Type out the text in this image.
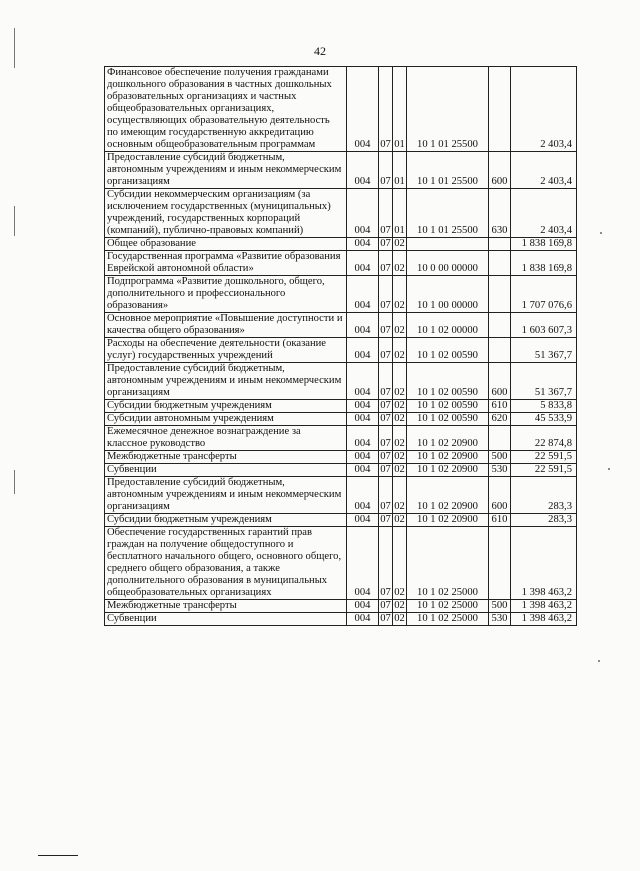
42
Финансовое обеспечение получения гражданами дошкольного образования в частных дошкольных образовательных организациях и частных общеобразовательных организациях, осуществляющих образовательную деятельность по имеющим государственную аккредитацию основным общеобразовательным программам	004	07	01	10 1 01 25500		2 403,4
Предоставление субсидий бюджетным, автономным учреждениям и иным некоммерческим организациям	004	07	01	10 1 01 25500	600	2 403,4
Субсидии некоммерческим организациям (за исключением государственных (муниципальных) учреждений, государственных корпораций (компаний), публично-правовых компаний)	004	07	01	10 1 01 25500	630	2 403,4
Общее образование	004	07	02			1 838 169,8
Государственная программа «Развитие образования Еврейской автономной области»	004	07	02	10 0 00 00000		1 838 169,8
Подпрограмма «Развитие дошкольного, общего, дополнительного и профессионального образования»	004	07	02	10 1 00 00000		1 707 076,6
Основное мероприятие «Повышение доступности и качества общего образования»	004	07	02	10 1 02 00000		1 603 607,3
Расходы на обеспечение деятельности (оказание услуг) государственных учреждений	004	07	02	10 1 02 00590		51 367,7
Предоставление субсидий бюджетным, автономным учреждениям и иным некоммерческим организациям	004	07	02	10 1 02 00590	600	51 367,7
Субсидии бюджетным учреждениям	004	07	02	10 1 02 00590	610	5 833,8
Субсидии автономным учреждениям	004	07	02	10 1 02 00590	620	45 533,9
Ежемесячное денежное вознаграждение за классное руководство	004	07	02	10 1 02 20900		22 874,8
Межбюджетные трансферты	004	07	02	10 1 02 20900	500	22 591,5
Субвенции	004	07	02	10 1 02 20900	530	22 591,5
Предоставление субсидий бюджетным, автономным учреждениям и иным некоммерческим организациям	004	07	02	10 1 02 20900	600	283,3
Субсидии бюджетным учреждениям	004	07	02	10 1 02 20900	610	283,3
Обеспечение государственных гарантий прав граждан на получение общедоступного и бесплатного начального общего, основного общего, среднего общего образования, а также дополнительного образования в муниципальных общеобразовательных организациях	004	07	02	10 1 02 25000		1 398 463,2
Межбюджетные трансферты	004	07	02	10 1 02 25000	500	1 398 463,2
Субвенции	004	07	02	10 1 02 25000	530	1 398 463,2
